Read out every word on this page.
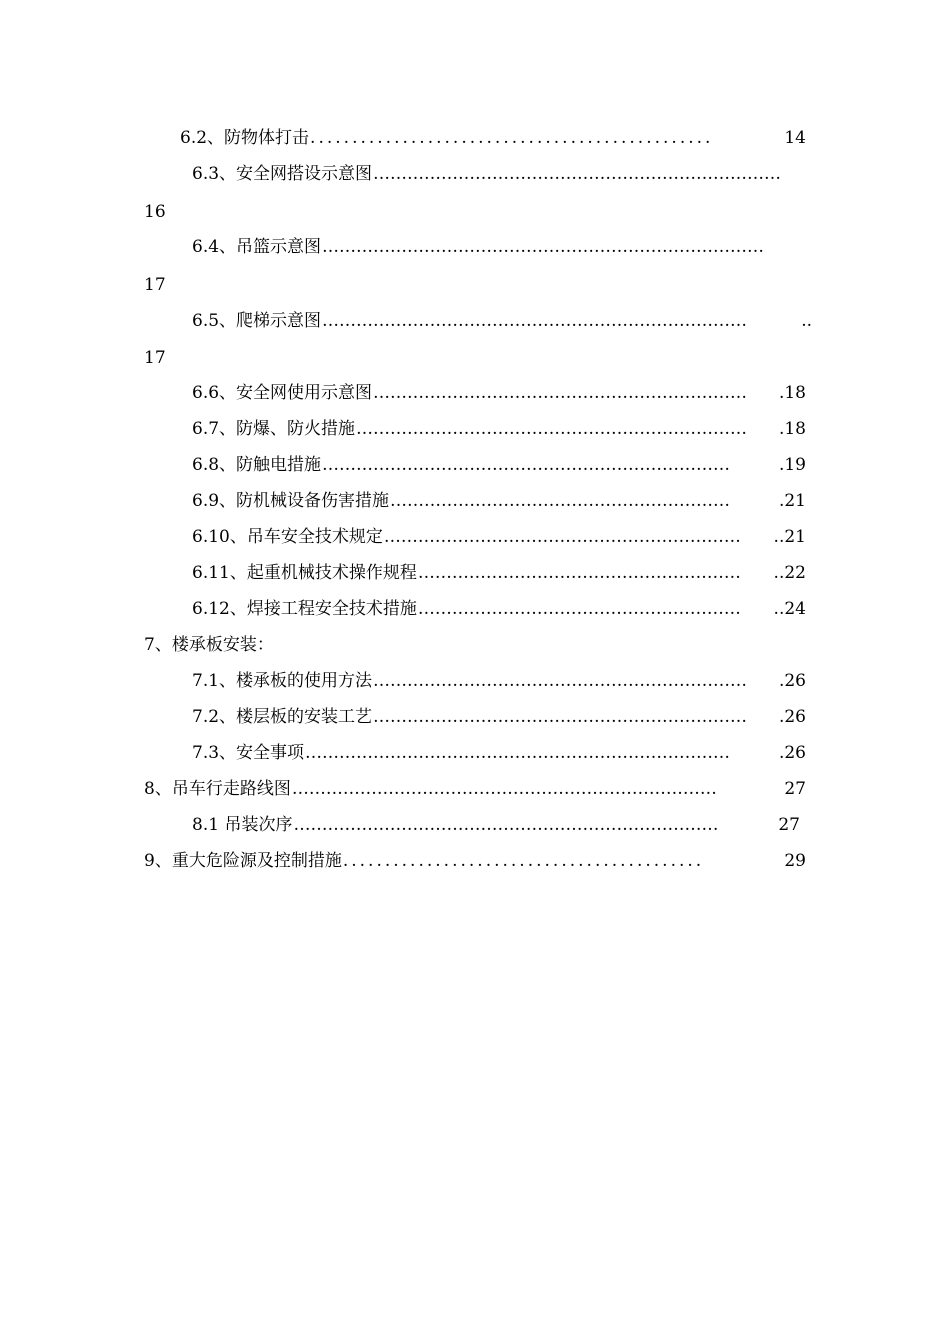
6.2、防物体打击 ................................................	14
6.3、安全网搭设示意图 ………………………………………………………………
16
6.4、吊篮示意图 ……………………………………………………………………
17
6.5、爬梯示意图 …………………………………………………………………	..
17
6.6、安全网使用示意图 …………………………………………………………	.18
6.7、防爆、防火措施 ……………………………………………………………	.18
6.8、防触电措施 ………………………………………………………………	.19
6.9、防机械设备伤害措施 ……………………………………………………	.21
6.10、吊车安全技术规定 ………………………………………………………	..21
6.11、起重机械技术操作规程 …………………………………………………	..22
6.12、焊接工程安全技术措施 …………………………………………………	..24
7、楼承板安装：
7.1、楼承板的使用方法 …………………………………………………………	.26
7.2、楼层板的安装工艺 …………………………………………………………	.26
7.3、安全事项 …………………………………………………………………	.26
8、吊车行走路线图 …………………………………………………………………	27
8.1 吊装次序 …………………………………………………………………	27
9、重大危险源及控制措施 ...........................................	29
